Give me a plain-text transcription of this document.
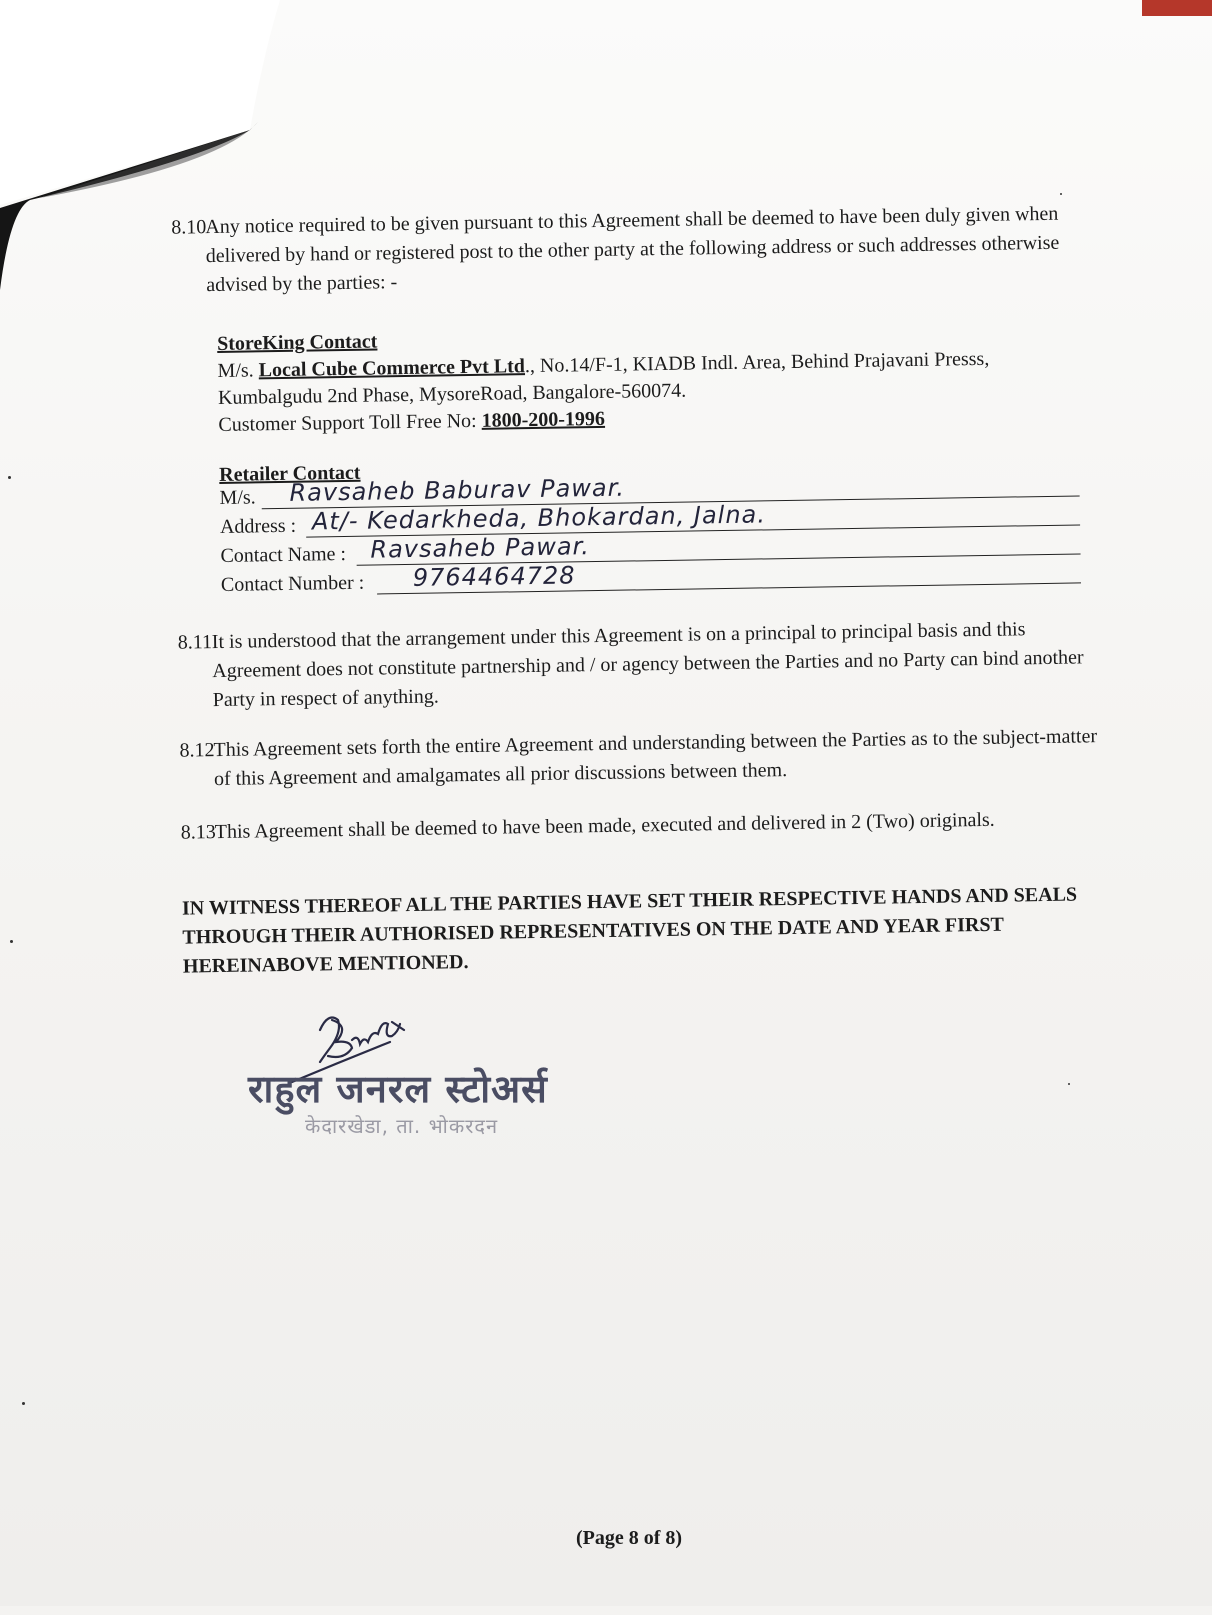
8.10
Any notice required to be given pursuant to this Agreement shall be deemed to have been duly given when delivered by hand or registered post to the other party at the following address or such addresses otherwise advised by the parties: -
StoreKing Contact
M/s. Local Cube Commerce Pvt Ltd., No.14/F-1, KIADB Indl. Area, Behind Prajavani Presss,
Kumbalgudu 2nd Phase, MysoreRoad, Bangalore-560074.
Customer Support Toll Free No: 1800-200-1996
Retailer Contact
M/s. Ravsaheb Baburav Pawar.
Address : At/- Kedarkheda, Bhokardan, Jalna.
Contact Name : Ravsaheb Pawar.
Contact Number : 9764464728
8.11 It is understood that the arrangement under this Agreement is on a principal to principal basis and this Agreement does not constitute partnership and / or agency between the Parties and no Party can bind another Party in respect of anything.
8.12
This Agreement sets forth the entire Agreement and understanding between the Parties as to the subject-matter of this Agreement and amalgamates all prior discussions between them.
8.13
This Agreement shall be deemed to have been made, executed and delivered in 2 (Two) originals.
IN WITNESS THEREOF ALL THE PARTIES HAVE SET THEIR RESPECTIVE HANDS AND SEALS THROUGH THEIR AUTHORISED REPRESENTATIVES ON THE DATE AND YEAR FIRST HEREINABOVE MENTIONED.
राहुल जनरल स्टोअर्स
केदारखेडा, ता. भोकरदन
(Page 8 of 8)
